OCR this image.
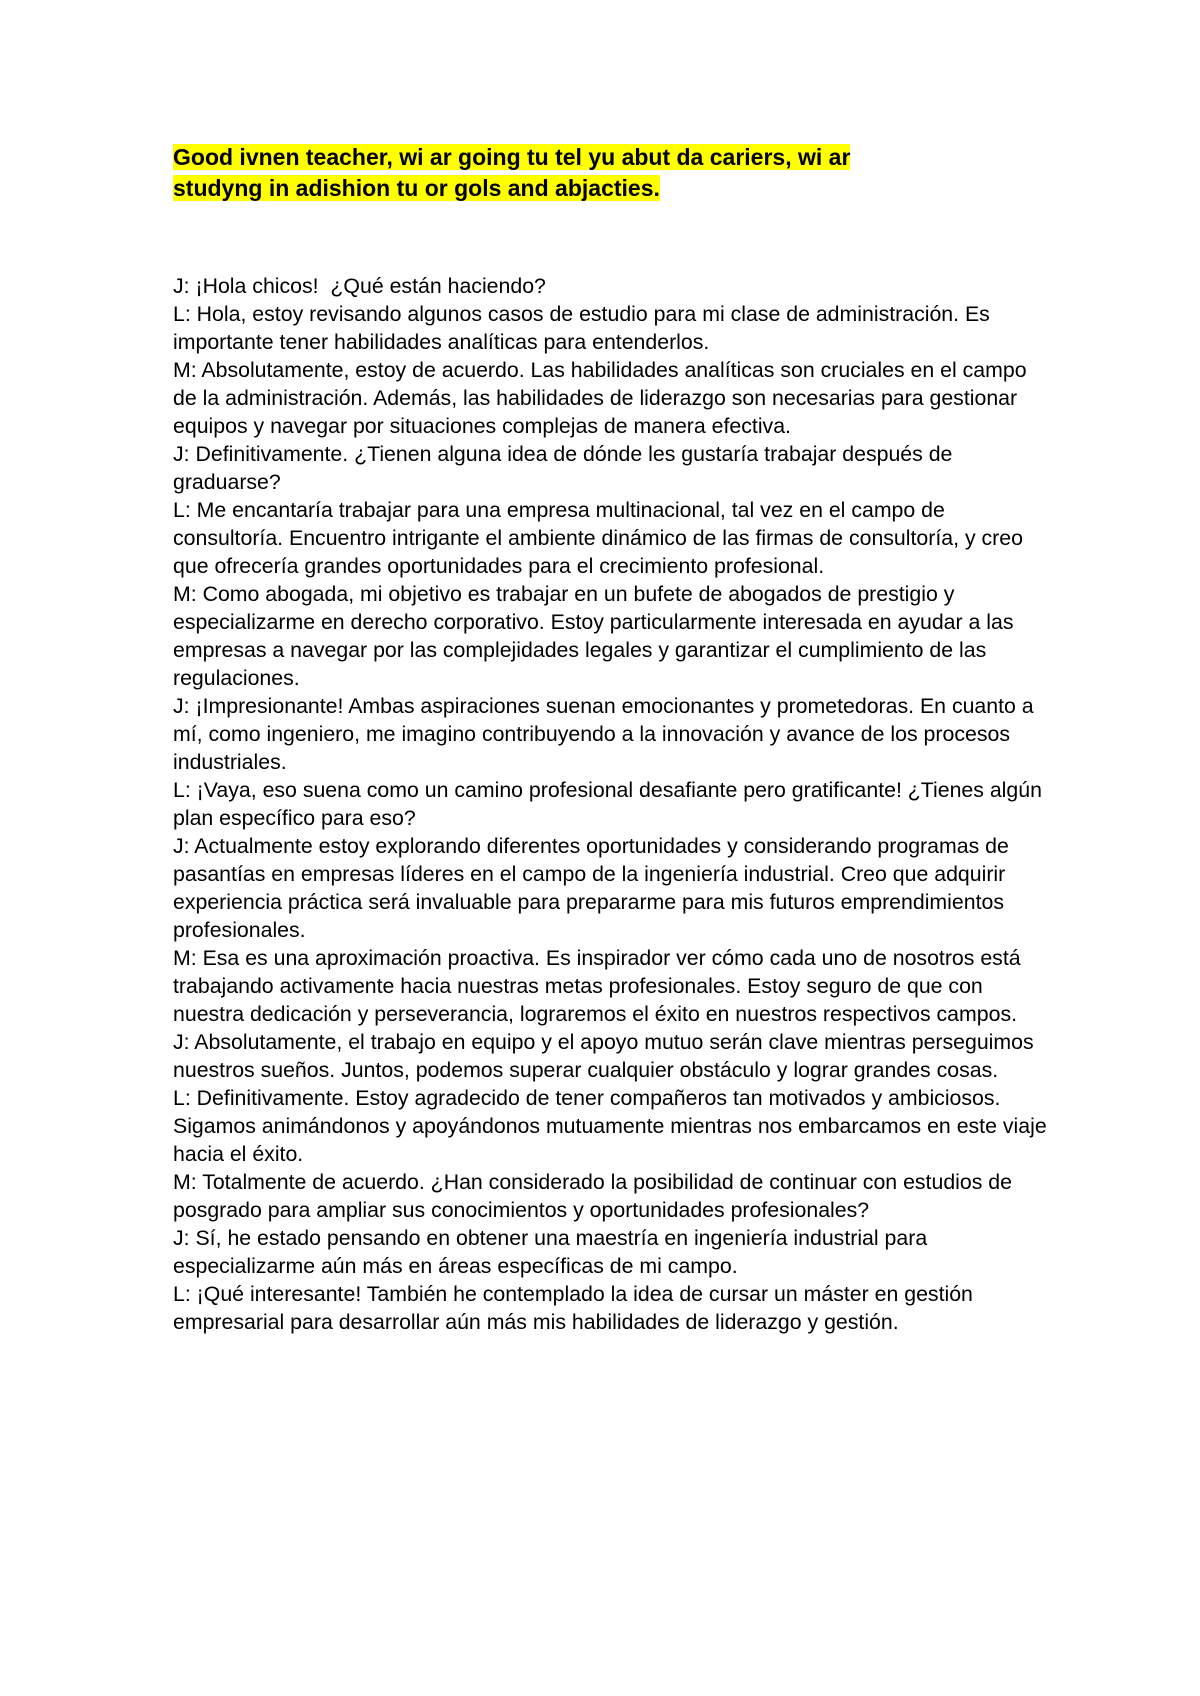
Good ivnen teacher, wi ar going tu tel yu abut da cariers, wi ar
studyng in adishion tu or gols and abjacties.

J: ¡Hola chicos!  ¿Qué están haciendo?

L: Hola, estoy revisando algunos casos de estudio para mi clase de administración. Es importante tener habilidades analíticas para entenderlos.

M: Absolutamente, estoy de acuerdo. Las habilidades analíticas son cruciales en el campo de la administración. Además, las habilidades de liderazgo son necesarias para gestionar equipos y navegar por situaciones complejas de manera efectiva.

J: Definitivamente. ¿Tienen alguna idea de dónde les gustaría trabajar después de graduarse?

L: Me encantaría trabajar para una empresa multinacional, tal vez en el campo de consultoría. Encuentro intrigante el ambiente dinámico de las firmas de consultoría, y creo que ofrecería grandes oportunidades para el crecimiento profesional.

M: Como abogada, mi objetivo es trabajar en un bufete de abogados de prestigio y especializarme en derecho corporativo. Estoy particularmente interesada en ayudar a las empresas a navegar por las complejidades legales y garantizar el cumplimiento de las regulaciones.

J: ¡Impresionante! Ambas aspiraciones suenan emocionantes y prometedoras. En cuanto a mí, como ingeniero, me imagino contribuyendo a la innovación y avance de los procesos industriales.

L: ¡Vaya, eso suena como un camino profesional desafiante pero gratificante! ¿Tienes algún plan específico para eso?

J: Actualmente estoy explorando diferentes oportunidades y considerando programas de pasantías en empresas líderes en el campo de la ingeniería industrial. Creo que adquirir experiencia práctica será invaluable para prepararme para mis futuros emprendimientos profesionales.

M: Esa es una aproximación proactiva. Es inspirador ver cómo cada uno de nosotros está trabajando activamente hacia nuestras metas profesionales. Estoy seguro de que con nuestra dedicación y perseverancia, lograremos el éxito en nuestros respectivos campos.

J: Absolutamente, el trabajo en equipo y el apoyo mutuo serán clave mientras perseguimos nuestros sueños. Juntos, podemos superar cualquier obstáculo y lograr grandes cosas.

L: Definitivamente. Estoy agradecido de tener compañeros tan motivados y ambiciosos. Sigamos animándonos y apoyándonos mutuamente mientras nos embarcamos en este viaje hacia el éxito.

M: Totalmente de acuerdo. ¿Han considerado la posibilidad de continuar con estudios de posgrado para ampliar sus conocimientos y oportunidades profesionales?

J: Sí, he estado pensando en obtener una maestría en ingeniería industrial para especializarme aún más en áreas específicas de mi campo.

L: ¡Qué interesante! También he contemplado la idea de cursar un máster en gestión empresarial para desarrollar aún más mis habilidades de liderazgo y gestión.
